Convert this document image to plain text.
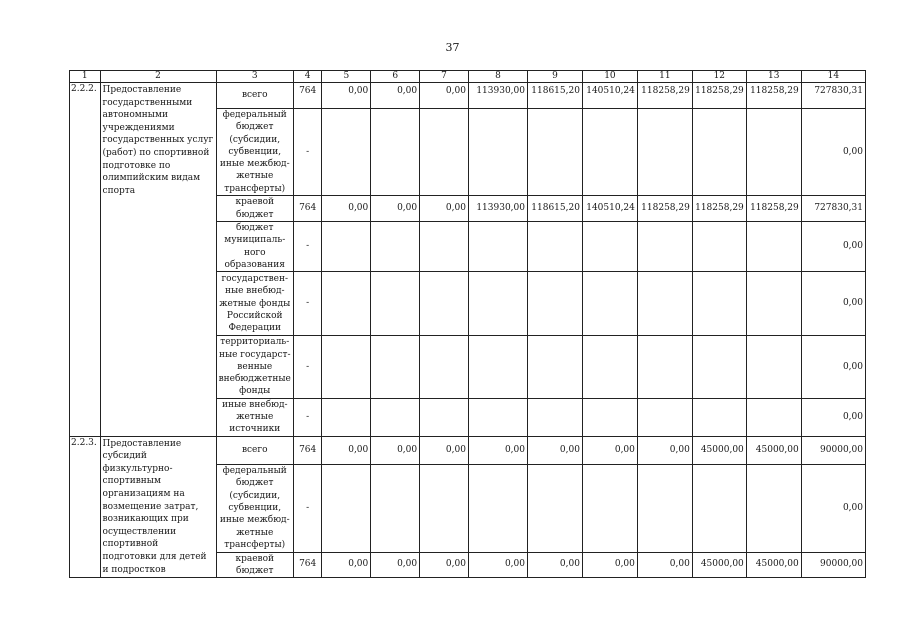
37
1	2	3	4	5	6	7	8	9	10	11	12	13	14
2.2.2.	Предоставление государственными автономными учреждениями государственных услуг (работ) по спортивной подготовке по олимпийским видам спорта	всего	764	0,00	0,00	0,00	113930,00	118615,20	140510,24	118258,29	118258,29	118258,29	727830,31
		федеральный бюджет (субсидии, субвенции, иные межбюд-жетные трансферты)	-										0,00
		краевой бюджет	764	0,00	0,00	0,00	113930,00	118615,20	140510,24	118258,29	118258,29	118258,29	727830,31
		бюджет муниципаль-ного образования	-										0,00
		государствен-ные внебюд-жетные фонды Российской Федерации	-										0,00
		территориаль-ные государст-венные внебюджетные фонды	-										0,00
		иные внебюд-жетные источники	-										0,00
2.2.3.	Предоставление субсидий физкультурно-спортивным организациям на возмещение затрат, возникающих при осуществлении спортивной подготовки для детей и подростков	всего	764	0,00	0,00	0,00	0,00	0,00	0,00	0,00	45000,00	45000,00	90000,00
		федеральный бюджет (субсидии, субвенции, иные межбюд-жетные трансферты)	-										0,00
		краевой бюджет	764	0,00	0,00	0,00	0,00	0,00	0,00	0,00	45000,00	45000,00	90000,00
